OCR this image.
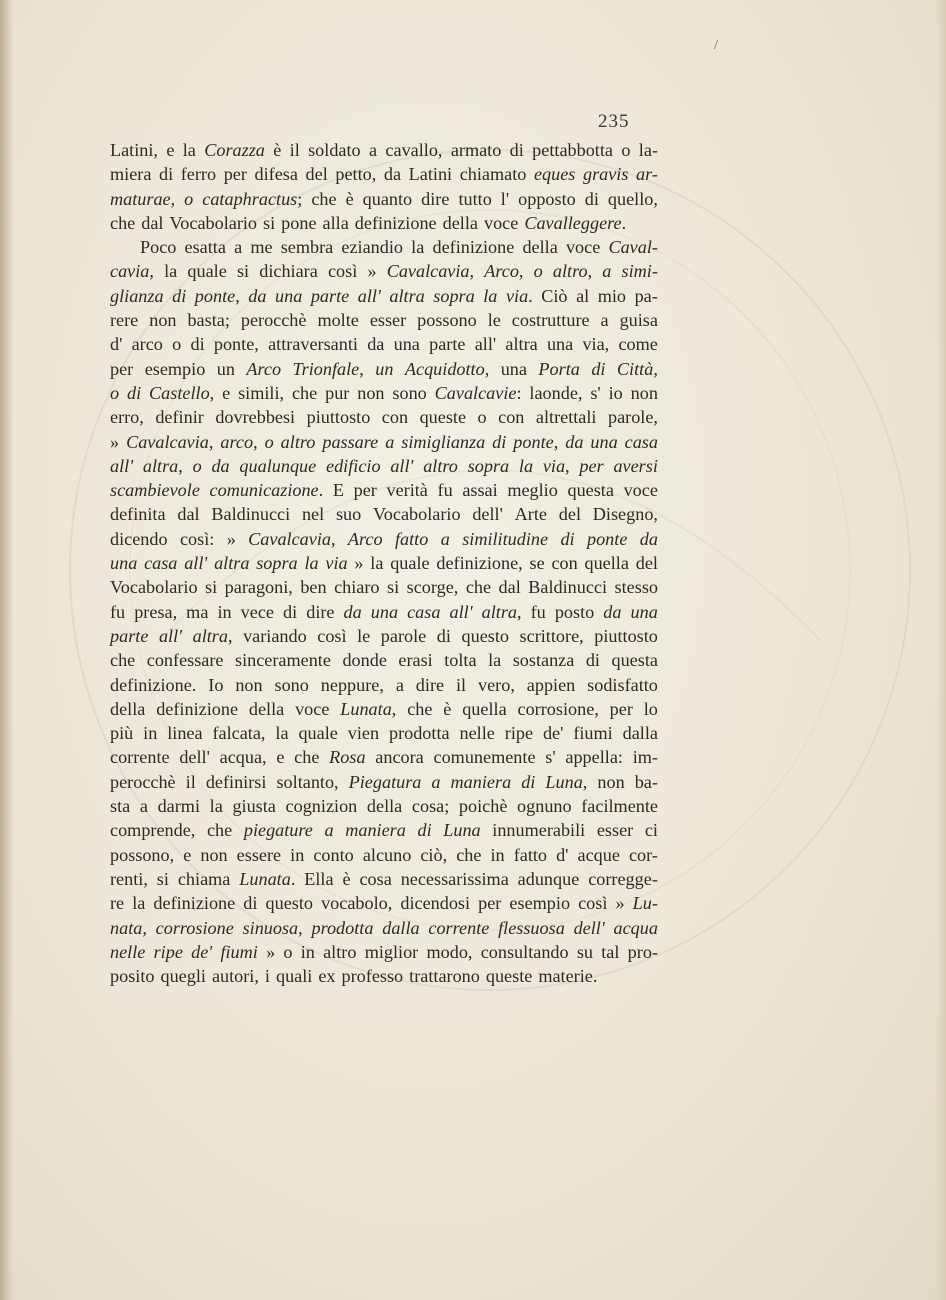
/
235
Latini, e la Corazza è il soldato a cavallo, armato di pettabbotta o la-
miera di ferro per difesa del petto, da Latini chiamato eques gravis ar-
maturae, o cataphractus; che è quanto dire tutto l' opposto di quello,
che dal Vocabolario si pone alla definizione della voce Cavalleggere.
Poco esatta a me sembra eziandio la definizione della voce Caval-
cavia, la quale si dichiara così » Cavalcavia, Arco, o altro, a simi-
glianza di ponte, da una parte all' altra sopra la via. Ciò al mio pa-
rere non basta; perocchè molte esser possono le costrutture a guisa
d' arco o di ponte, attraversanti da una parte all' altra una via, come
per esempio un Arco Trionfale, un Acquidotto, una Porta di Città,
o di Castello, e simili, che pur non sono Cavalcavie: laonde, s' io non
erro, definir dovrebbesi piuttosto con queste o con altrettali parole,
» Cavalcavia, arco, o altro passare a simiglianza di ponte, da una casa
all' altra, o da qualunque edificio all' altro sopra la via, per aversi
scambievole comunicazione. E per verità fu assai meglio questa voce
definita dal Baldinucci nel suo Vocabolario dell' Arte del Disegno,
dicendo così: » Cavalcavia, Arco fatto a similitudine di ponte da
una casa all' altra sopra la via » la quale definizione, se con quella del
Vocabolario si paragoni, ben chiaro si scorge, che dal Baldinucci stesso
fu presa, ma in vece di dire da una casa all' altra, fu posto da una
parte all' altra, variando così le parole di questo scrittore, piuttosto
che confessare sinceramente donde erasi tolta la sostanza di questa
definizione. Io non sono neppure, a dire il vero, appien sodisfatto
della definizione della voce Lunata, che è quella corrosione, per lo
più in linea falcata, la quale vien prodotta nelle ripe de' fiumi dalla
corrente dell' acqua, e che Rosa ancora comunemente s' appella: im-
perocchè il definirsi soltanto, Piegatura a maniera di Luna, non ba-
sta a darmi la giusta cognizion della cosa; poichè ognuno facilmente
comprende, che piegature a maniera di Luna innumerabili esser ci
possono, e non essere in conto alcuno ciò, che in fatto d' acque cor-
renti, si chiama Lunata. Ella è cosa necessarissima adunque corregge-
re la definizione di questo vocabolo, dicendosi per esempio così » Lu-
nata, corrosione sinuosa, prodotta dalla corrente flessuosa dell' acqua
nelle ripe de' fiumi » o in altro miglior modo, consultando su tal pro-
posito quegli autori, i quali ex professo trattarono queste materie.
